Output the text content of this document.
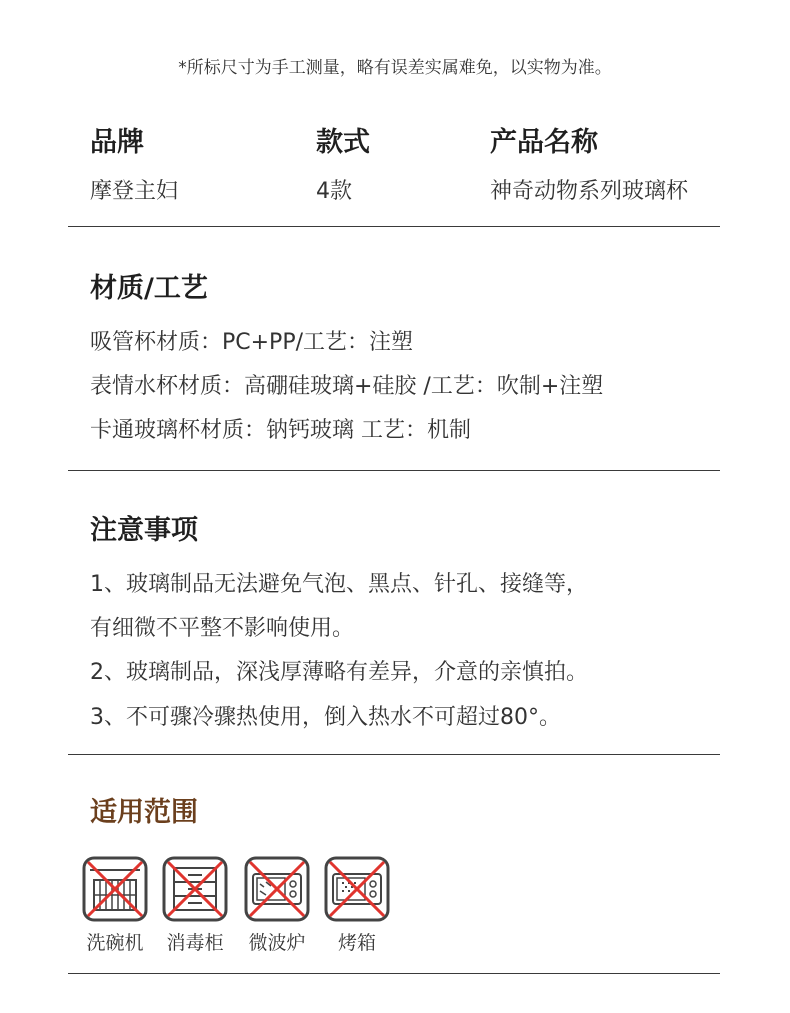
*所标尺寸为手工测量，略有误差实属难免，以实物为准。
品牌	款式	产品名称
摩登主妇	4款	神奇动物系列玻璃杯
材质/工艺
吸管杯材质：PC+PP/工艺：注塑
表情水杯材质：高硼硅玻璃+硅胶 /工艺：吹制+注塑
卡通玻璃杯材质：钠钙玻璃 工艺：机制
注意事项
1、玻璃制品无法避免气泡、黑点、针孔、接缝等，
有细微不平整不影响使用。
2、玻璃制品，深浅厚薄略有差异，介意的亲慎拍。
3、不可骤冷骤热使用，倒入热水不可超过80°。
适用范围
洗碗机 消毒柜 微波炉	烤箱
